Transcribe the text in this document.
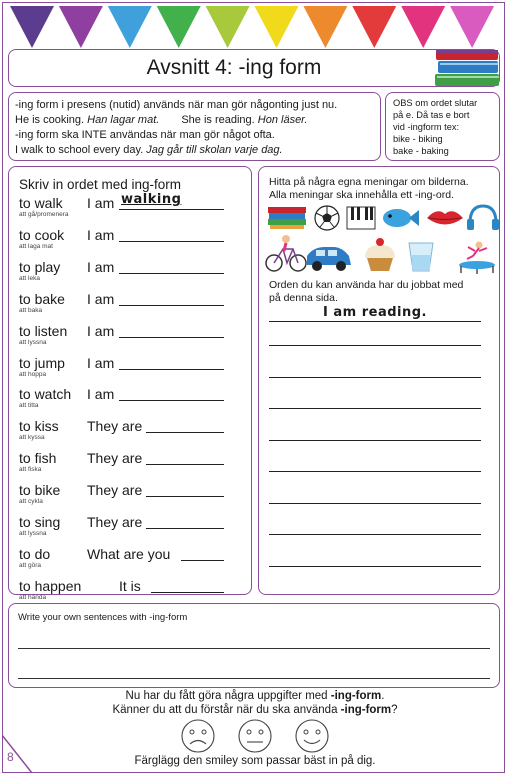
Avsnitt 4: -ing form
-ing form i presens (nutid) används när man gör någonting just nu.
He is cooking. Han lagar mat. She is reading. Hon läser.
-ing form ska INTE användas när man gör något ofta.
I walk to school every day. Jag går till skolan varje dag.
OBS om ordet slutar
på e. Då tas e bort
vid -ingform tex:
bike - biking
bake - baking
Skriv in ordet med ing-form
to walk
att gå/promenera
I am walking
to cook
att laga mat
I am
to play
att leka
I am
to bake
att baka
I am
to listen
att lyssna
I am
to jump
att hoppa
I am
to watch
att titta
I am
to kiss
att kyssa
They are
to fish
att fiska
They are
to bike
att cykla
They are
to sing
att lyssna
They are
to do
att göra
What are you
to happen
att hända
It is
Hitta på några egna meningar om bilderna.
Alla meningar ska innehålla ett -ing-ord.
Orden du kan använda har du jobbat med
på denna sida.
I am reading.
Write your own sentences with -ing-form
Nu har du fått göra några uppgifter med -ing-form.
Känner du att du förstår när du ska använda -ing-form?
Färglägg den smiley som passar bäst in på dig.
8
